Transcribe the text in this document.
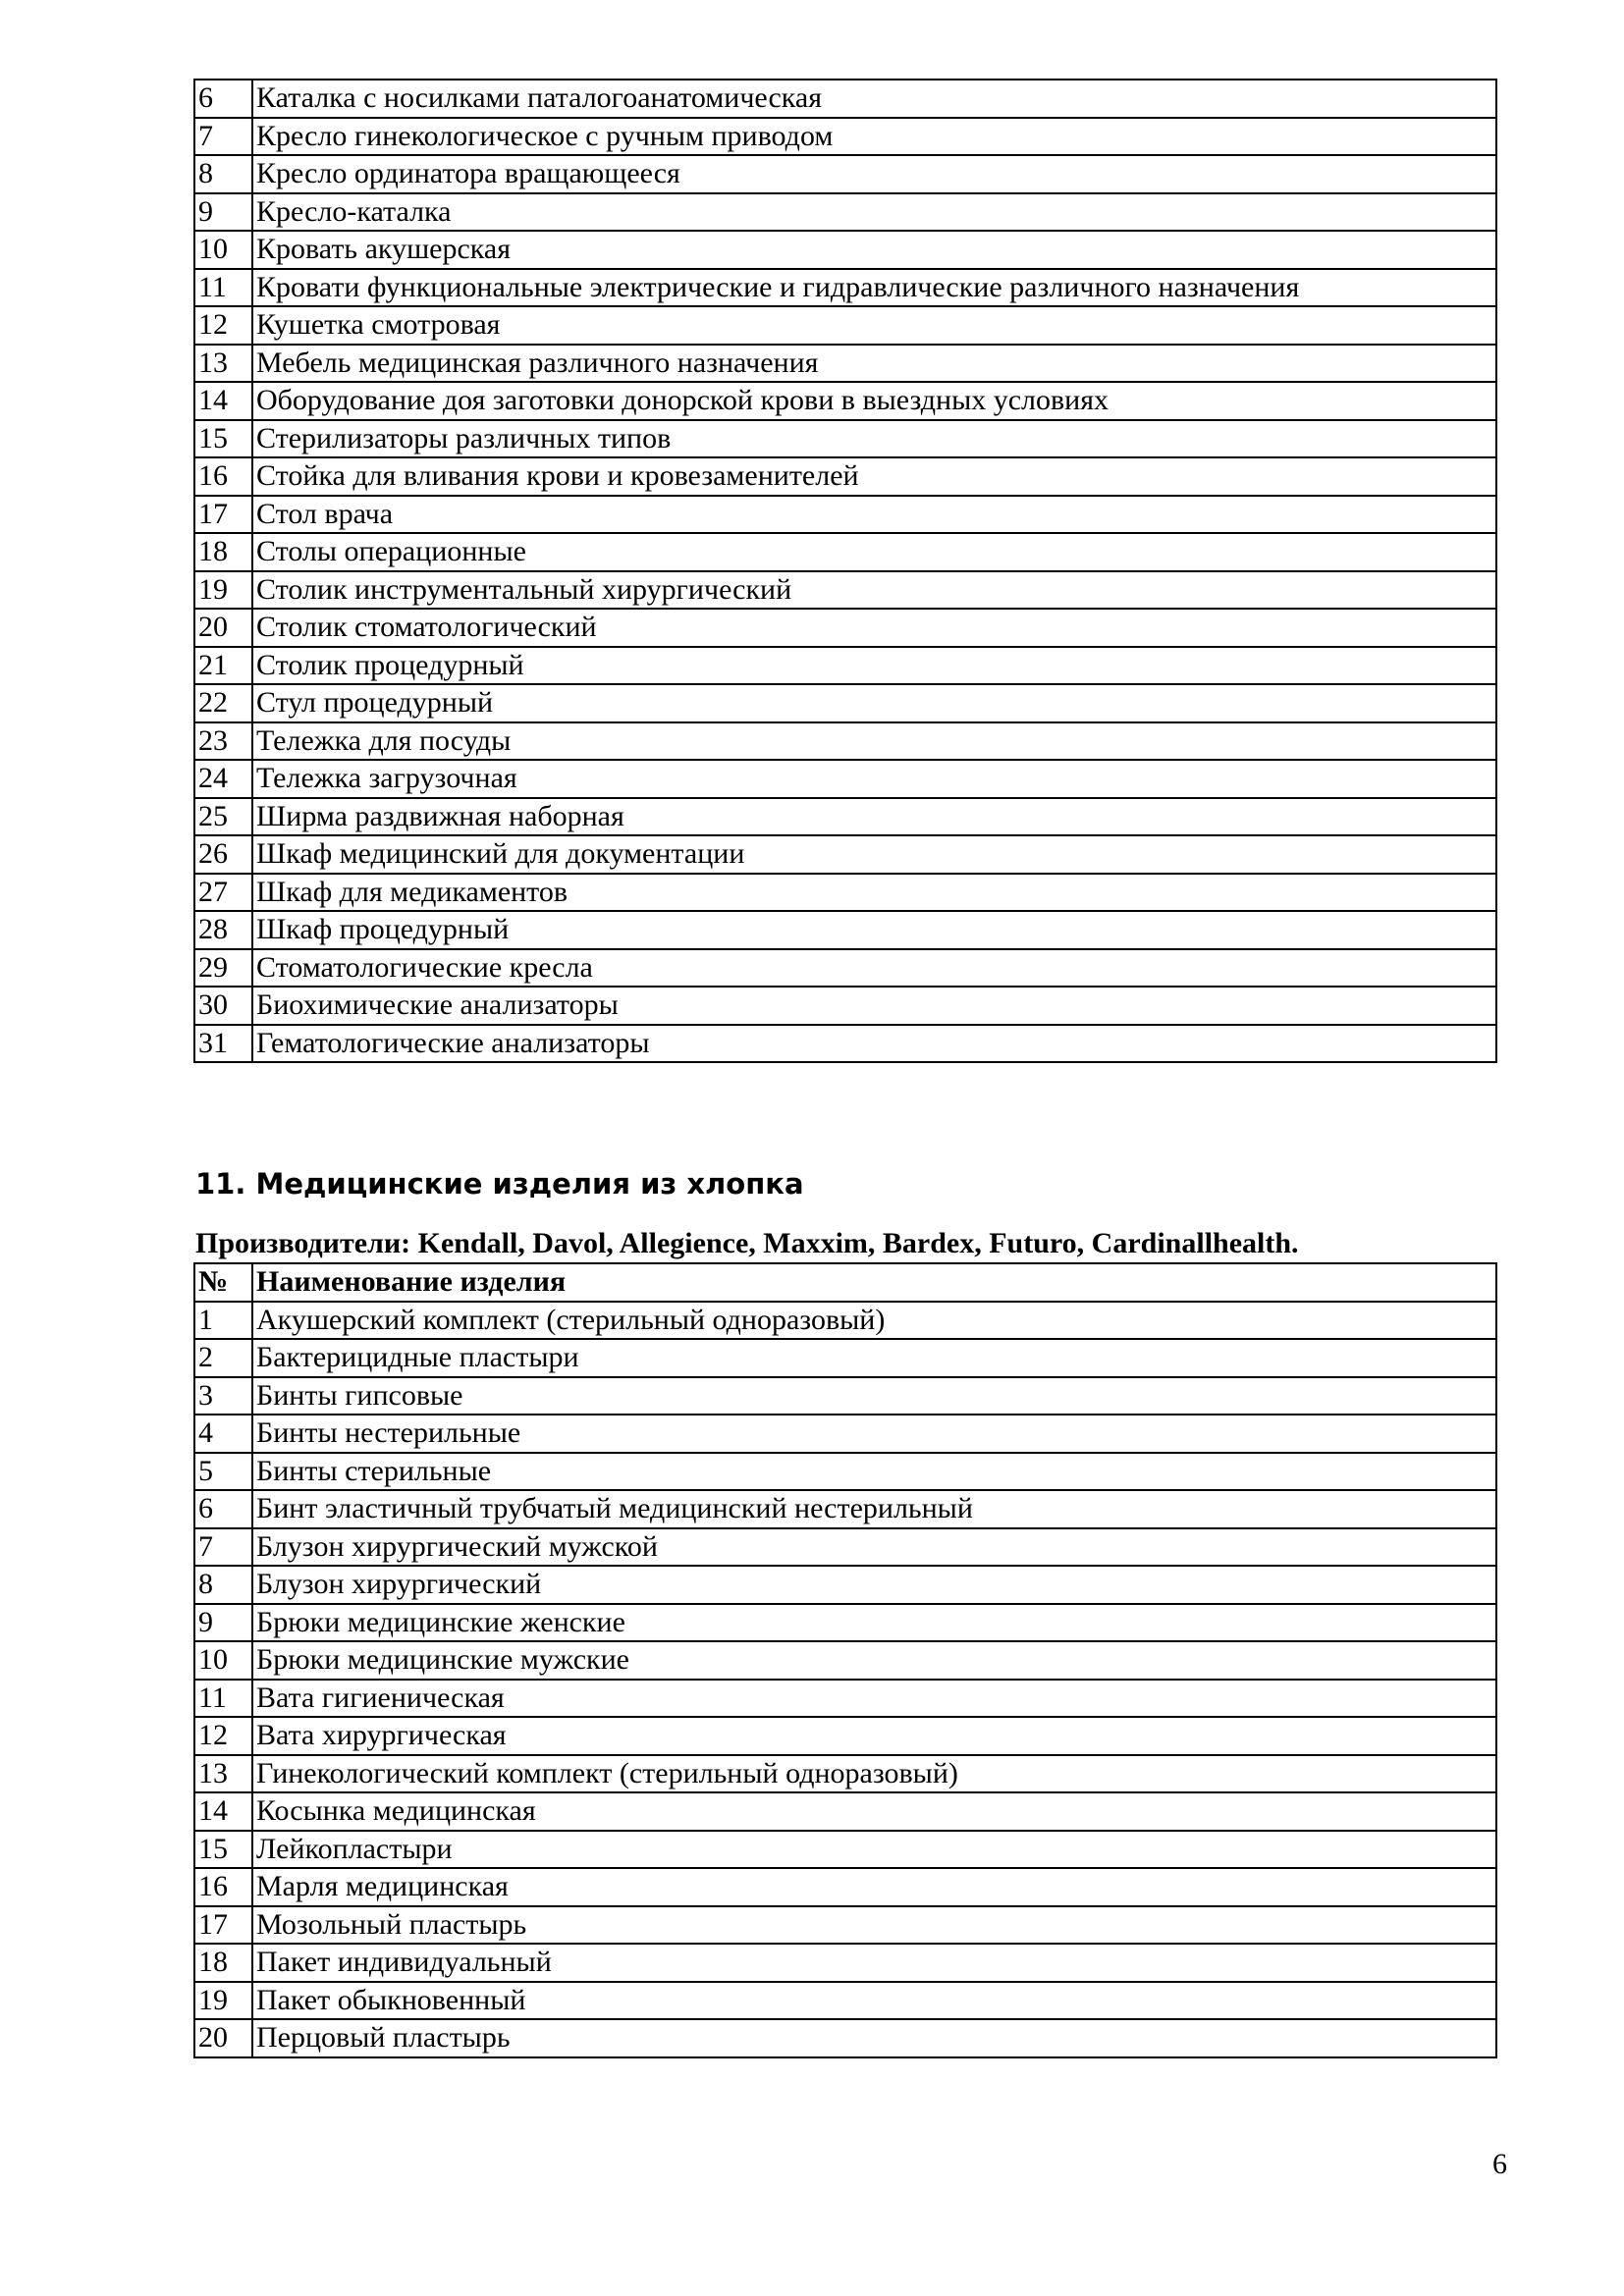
6	Каталка с носилками паталогоанатомическая
7	Кресло гинекологическое с ручным приводом
8	Кресло ординатора вращающееся
9	Кресло-каталка
10	Кровать акушерская
11	Кровати функциональные электрические и гидравлические различного назначения
12	Кушетка смотровая
13	Мебель медицинская различного назначения
14	Оборудование доя заготовки донорской крови в выездных условиях
15	Стерилизаторы различных типов
16	Стойка для вливания крови и кровезаменителей
17	Стол врача
18	Столы операционные
19	Столик инструментальный хирургический
20	Столик стоматологический
21	Столик процедурный
22	Стул процедурный
23	Тележка для посуды
24	Тележка загрузочная
25	Ширма раздвижная наборная
26	Шкаф медицинский для документации
27	Шкаф для медикаментов
28	Шкаф процедурный
29	Стоматологические кресла
30	Биохимические анализаторы
31	Гематологические анализаторы
11. Медицинские изделия из хлопка

Производители: Kendall, Davol, Allegience, Maxxim, Bardex, Futuro, Cardinallhealth.

№	Наименование изделия
1	Акушерский комплект (стерильный одноразовый)
2	Бактерицидные пластыри
3	Бинты гипсовые
4	Бинты нестерильные
5	Бинты стерильные
6	Бинт эластичный трубчатый медицинский нестерильный
7	Блузон хирургический мужской
8	Блузон хирургический
9	Брюки медицинские женские
10	Брюки медицинские мужские
11	Вата гигиеническая
12	Вата хирургическая
13	Гинекологический комплект (стерильный одноразовый)
14	Косынка медицинская
15	Лейкопластыри
16	Марля медицинская
17	Мозольный пластырь
18	Пакет индивидуальный
19	Пакет обыкновенный
20	Перцовый пластырь
6
